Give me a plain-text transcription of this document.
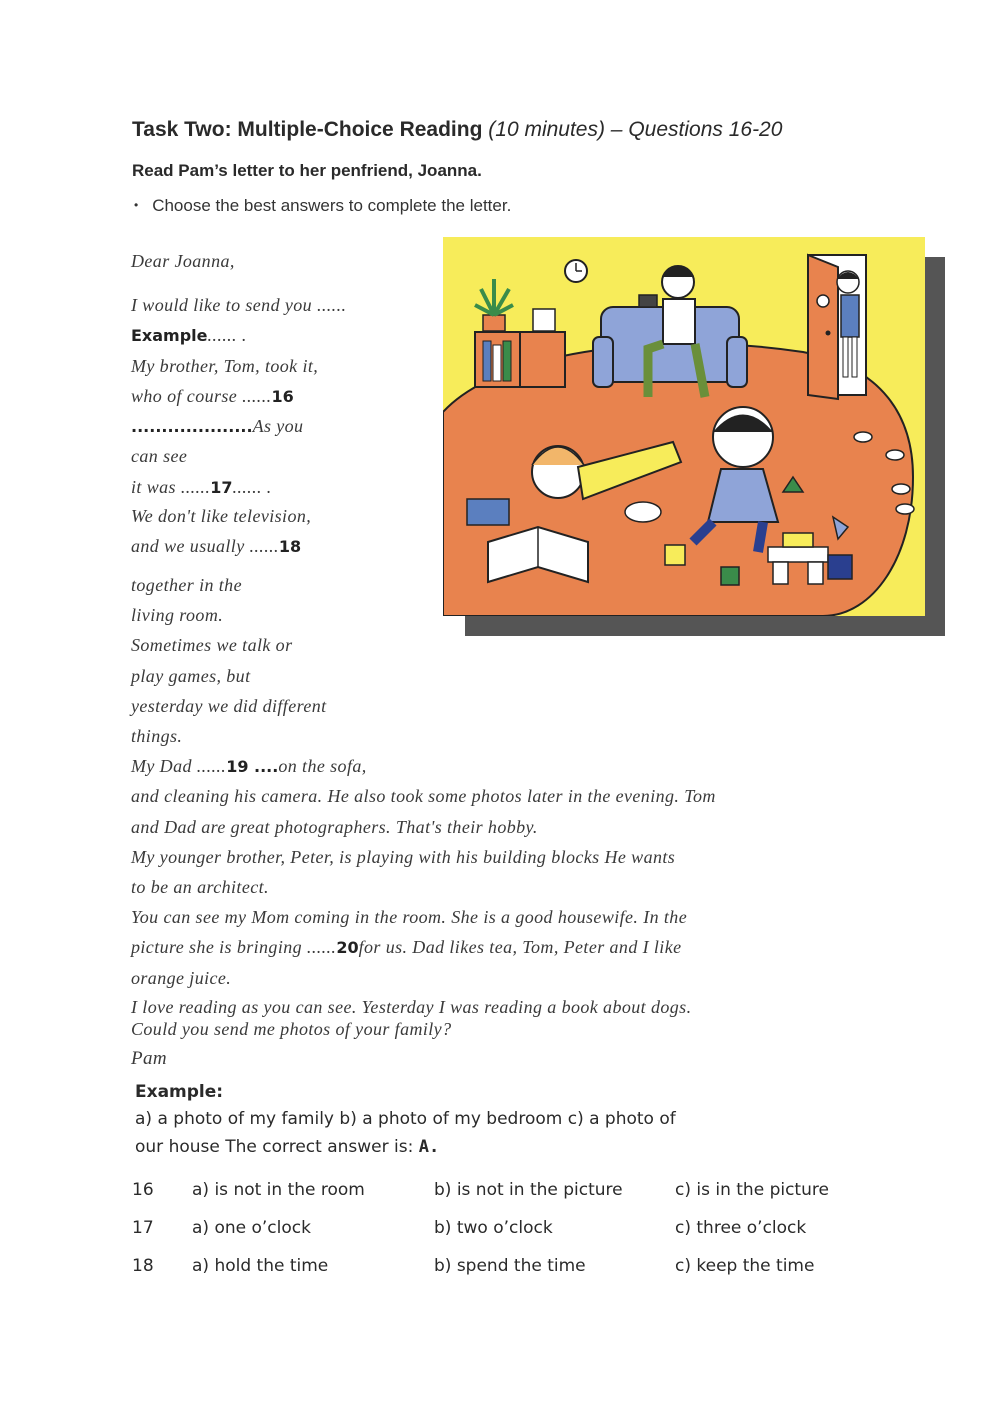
Task Two: Multiple-Choice Reading (10 minutes) – Questions 16-20
Read Pam’s letter to her penfriend, Joanna.
• Choose the best answers to complete the letter.
Dear Joanna,
I would like to send you ......
Example...... .
My brother, Tom, took it,
who of course ......16
....................As you
can see
it was ......17...... .
We don't like television,
and we usually ......18
together in the
living room.
Sometimes we talk or
play games, but
yesterday we did different
things.
My Dad ......19 ....on the sofa,
and cleaning his camera. He also took some photos later in the evening. Tom
and Dad are great photographers. That's their hobby.
My younger brother, Peter, is playing with his building blocks He wants
to be an architect.
You can see my Mom coming in the room. She is a good housewife. In the
picture she is bringing ......20for us. Dad likes tea, Tom, Peter and I like
orange juice.
I love reading as you can see. Yesterday I was reading a book about dogs.
Could you send me photos of your family?
Pam
Example:
a) a photo of my family b) a photo of my bedroom c) a photo of
our house The correct answer is: A.
16 a) is not in the room	b) is not in the picture	c) is in the picture
17 a) one o’clock	b) two o’clock	c) three o’clock
18 a) hold the time	b) spend the time	c) keep the time
